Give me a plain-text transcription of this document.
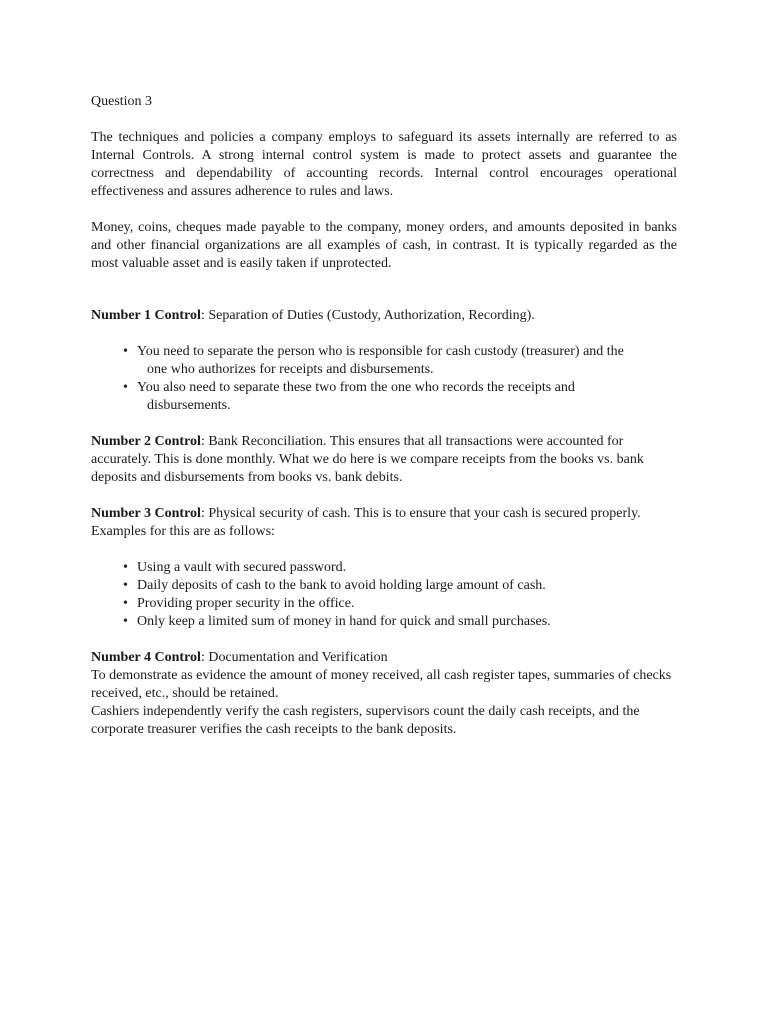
Question 3

The techniques and policies a company employs to safeguard its assets internally are referred to as Internal Controls. A strong internal control system is made to protect assets and guarantee the correctness and dependability of accounting records. Internal control encourages operational effectiveness and assures adherence to rules and laws.

Money, coins, cheques made payable to the company, money orders, and amounts deposited in banks and other financial organizations are all examples of cash, in contrast. It is typically regarded as the most valuable asset and is easily taken if unprotected.

Number 1 Control: Separation of Duties (Custody, Authorization, Recording).

• You need to separate the person who is responsible for cash custody (treasurer) and the one who authorizes for receipts and disbursements.
• You also need to separate these two from the one who records the receipts and disbursements.

Number 2 Control: Bank Reconciliation. This ensures that all transactions were accounted for accurately. This is done monthly. What we do here is we compare receipts from the books vs. bank deposits and disbursements from books vs. bank debits.

Number 3 Control: Physical security of cash. This is to ensure that your cash is secured properly. Examples for this are as follows:

• Using a vault with secured password.
• Daily deposits of cash to the bank to avoid holding large amount of cash.
• Providing proper security in the office.
• Only keep a limited sum of money in hand for quick and small purchases.

Number 4 Control: Documentation and Verification

To demonstrate as evidence the amount of money received, all cash register tapes, summaries of checks received, etc., should be retained.

Cashiers independently verify the cash registers, supervisors count the daily cash receipts, and the corporate treasurer verifies the cash receipts to the bank deposits.
